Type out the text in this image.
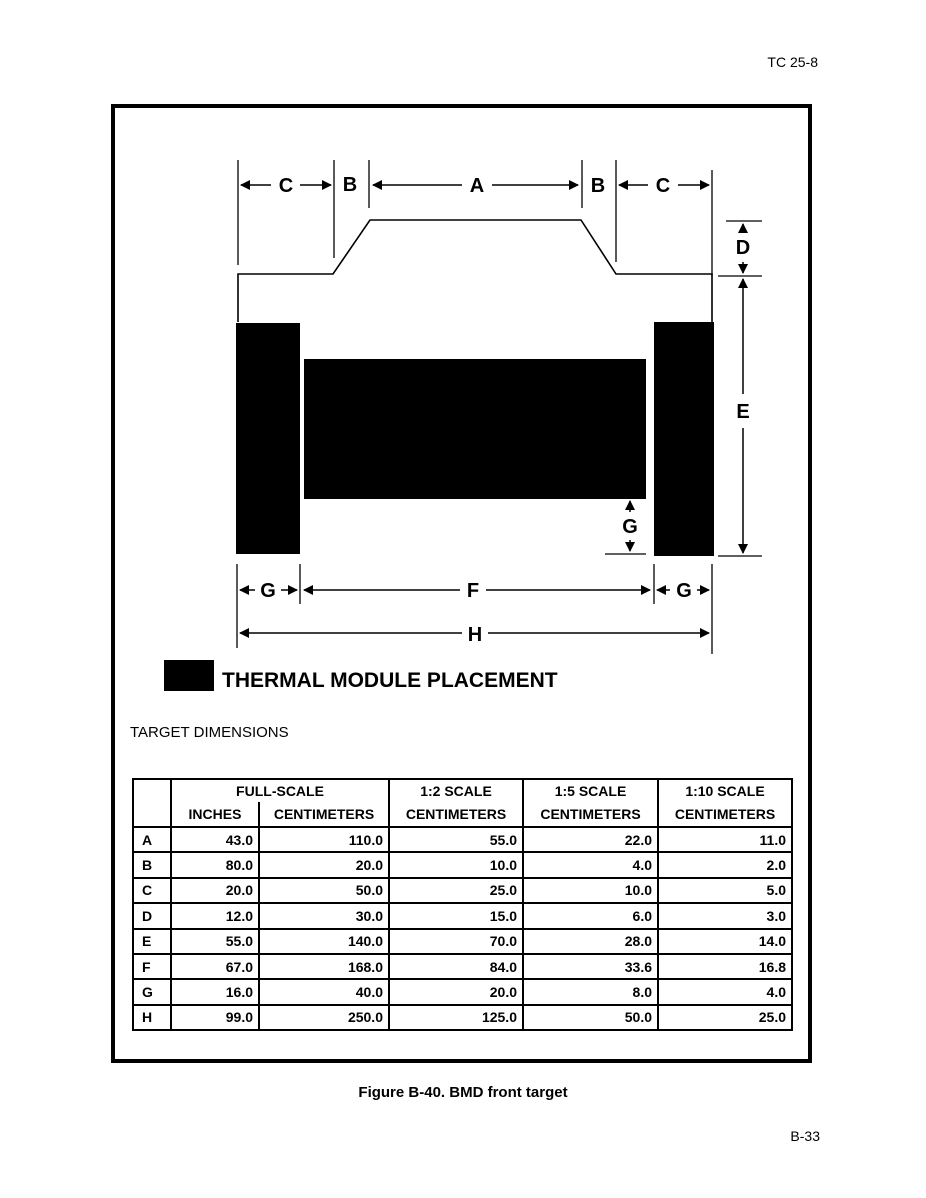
TC 25-8
C B	A	B	C
D
E
G
G	F	G
H
THERMAL MODULE PLACEMENT
TARGET DIMENSIONS
	FULL-SCALE		1:2 SCALE	1:5 SCALE	1:10 SCALE
	INCHES	CENTIMETERS	CENTIMETERS	CENTIMETERS	CENTIMETERS
A	43.0	110.0	55.0	22.0	11.0
B	80.0	20.0	10.0	4.0	2.0
C	20.0	50.0	25.0	10.0	5.0
D	12.0	30.0	15.0	6.0	3.0
E	55.0	140.0	70.0	28.0	14.0
F	67.0	168.0	84.0	33.6	16.8
G	16.0	40.0	20.0	8.0	4.0
H	99.0	250.0	125.0	50.0	25.0
Figure B-40. BMD front target
B-33
